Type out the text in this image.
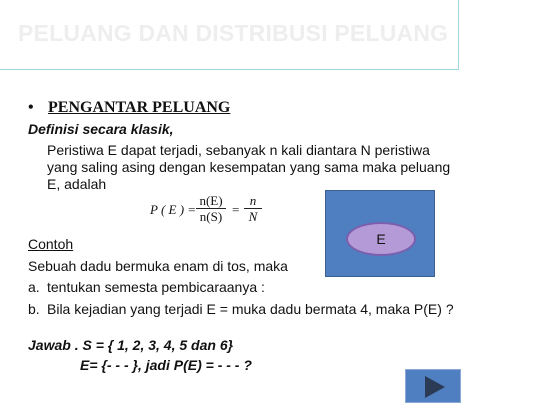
PELUANG DAN DISTRIBUSI PELUANG
• PENGANTAR PELUANG
Definisi secara klasik,
Peristiwa E dapat terjadi, sebanyak n kali diantara N peristiwa yang saling asing dengan kesempatan yang sama maka peluang E, adalah
P ( E ) =
n(E)
n(S) =
n
N
E
Contoh
Sebuah dadu bermuka enam di tos, maka
a. tentukan semesta pembicaraanya :
b. Bila kejadian yang terjadi E = muka dadu bermata 4, maka P(E) ?
Jawab . S = { 1, 2, 3, 4, 5 dan 6}
E= {- - - }, jadi P(E) = - - - ?
